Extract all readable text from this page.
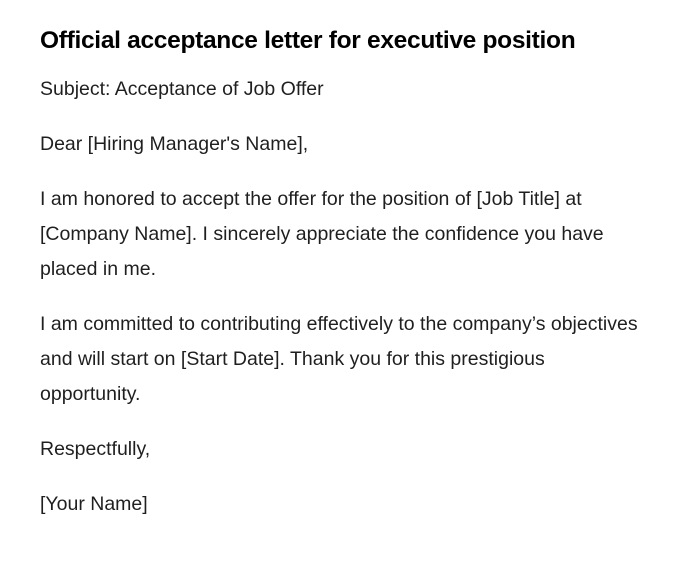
Official acceptance letter for executive position

Subject: Acceptance of Job Offer

Dear [Hiring Manager's Name],

I am honored to accept the offer for the position of [Job Title] at [Company Name]. I sincerely appreciate the confidence you have placed in me.

I am committed to contributing effectively to the company’s objectives and will start on [Start Date]. Thank you for this prestigious opportunity.

Respectfully,

[Your Name]
